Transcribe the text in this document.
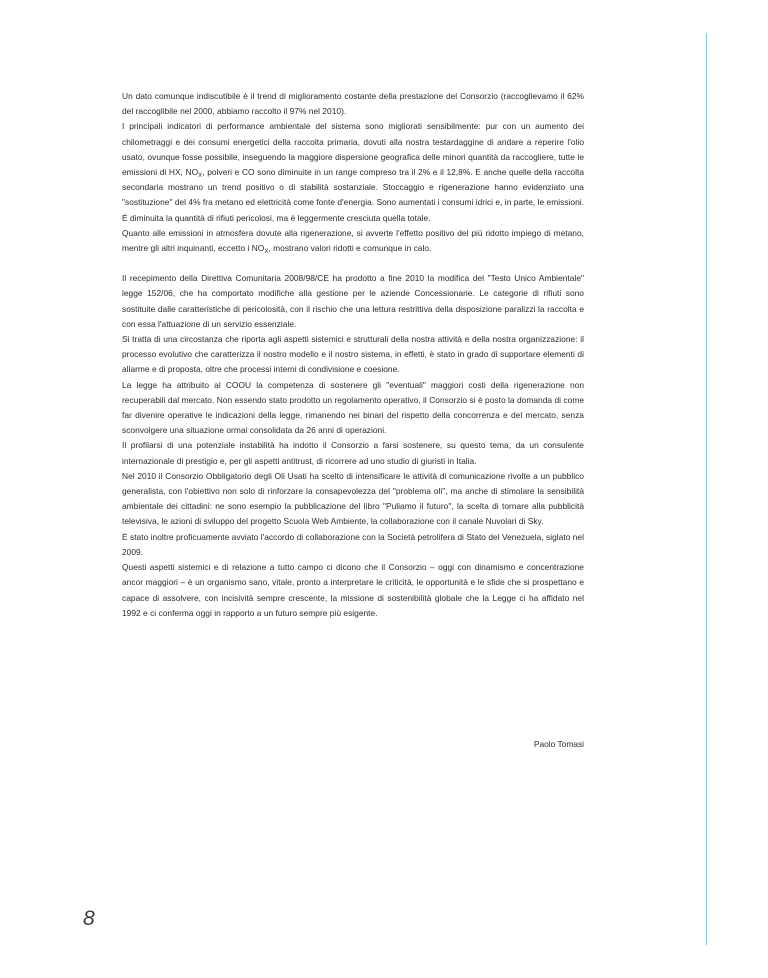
Un dato comunque indiscutibile è il trend di miglioramento costante della prestazione del Consorzio (raccoglievamo il 62% del raccoglibile nel 2000, abbiamo raccolto il 97% nel 2010).

I principali indicatori di performance ambientale del sistema sono migliorati sensibilmente: pur con un aumento dei chilometraggi e dei consumi energetici della raccolta primaria, dovuti alla nostra testardaggine di andare a reperire l'olio usato, ovunque fosse possibile, inseguendo la maggiore dispersione geografica delle minori quantità da raccogliere, tutte le emissioni di HX, $NO_X$, polveri e CO sono diminuite in un range compreso tra il 2% e il 12,8%. E anche quelle della raccolta secondaria mostrano un trend positivo o di stabilità sostanziale. Stoccaggio e rigenerazione hanno evidenziato una "sostituzione" del 4% fra metano ed elettricità come fonte d'energia. Sono aumentati i consumi idrici e, in parte, le emissioni. È diminuita la quantità di rifiuti pericolosi, ma è leggermente cresciuta quella totale.

Quanto alle emissioni in atmosfera dovute alla rigenerazione, si avverte l'effetto positivo del più ridotto impiego di metano, mentre gli altri inquinanti, eccetto i $NO_X$, mostrano valori ridotti e comunque in calo.

Il recepimento della Direttiva Comunitaria 2008/98/CE ha prodotto a fine 2010 la modifica del "Testo Unico Ambientale" legge 152/06, che ha comportato modifiche alla gestione per le aziende Concessionarie. Le categorie di rifiuti sono sostituite dalle caratteristiche di pericolosità, con il rischio che una lettura restrittiva della disposizione paralizzi la raccolta e con essa l'attuazione di un servizio essenziale.

Si tratta di una circostanza che riporta agli aspetti sistemici e strutturali della nostra attività e della nostra organizzazione: il processo evolutivo che caratterizza il nostro modello e il nostro sistema, in effetti, è stato in grado di supportare elementi di allarme e di proposta, oltre che processi interni di condivisione e coesione.

La legge ha attribuito al COOU la competenza di sostenere gli "eventuali" maggiori costi della rigenerazione non recuperabili dal mercato. Non essendo stato prodotto un regolamento operativo, il Consorzio si è posto la domanda di come far divenire operative le indicazioni della legge, rimanendo nei binari del rispetto della concorrenza e del mercato, senza sconvolgere una situazione ormai consolidata da 26 anni di operazioni.

Il profilarsi di una potenziale instabilità ha indotto il Consorzio a farsi sostenere, su questo tema, da un consulente internazionale di prestigio e, per gli aspetti antitrust, di ricorrere ad uno studio di giuristi in Italia.

Nel 2010 il Consorzio Obbligatorio degli Oli Usati ha scelto di intensificare le attività di comunicazione rivolte a un pubblico generalista, con l'obiettivo non solo di rinforzare la consapevolezza del "problema oli", ma anche di stimolare la sensibilità ambientale dei cittadini: ne sono esempio la pubblicazione del libro "Puliamo il futuro", la scelta di tornare alla pubblicità televisiva, le azioni di sviluppo del progetto Scuola Web Ambiente, la collaborazione con il canale Nuvolari di Sky.

È stato inoltre proficuamente avviato l'accordo di collaborazione con la Società petrolifera di Stato del Venezuela, siglato nel 2009.

Questi aspetti sistemici e di relazione a tutto campo ci dicono che il Consorzio – oggi con dinamismo e concentrazione ancor maggiori – è un organismo sano, vitale, pronto a interpretare le criticità, le opportunità e le sfide che si prospettano e capace di assolvere, con incisività sempre crescente, la missione di sostenibilità globale che la Legge ci ha affidato nel 1992 e ci conferma oggi in rapporto a un futuro sempre più esigente.

Paolo Tomasi
8
